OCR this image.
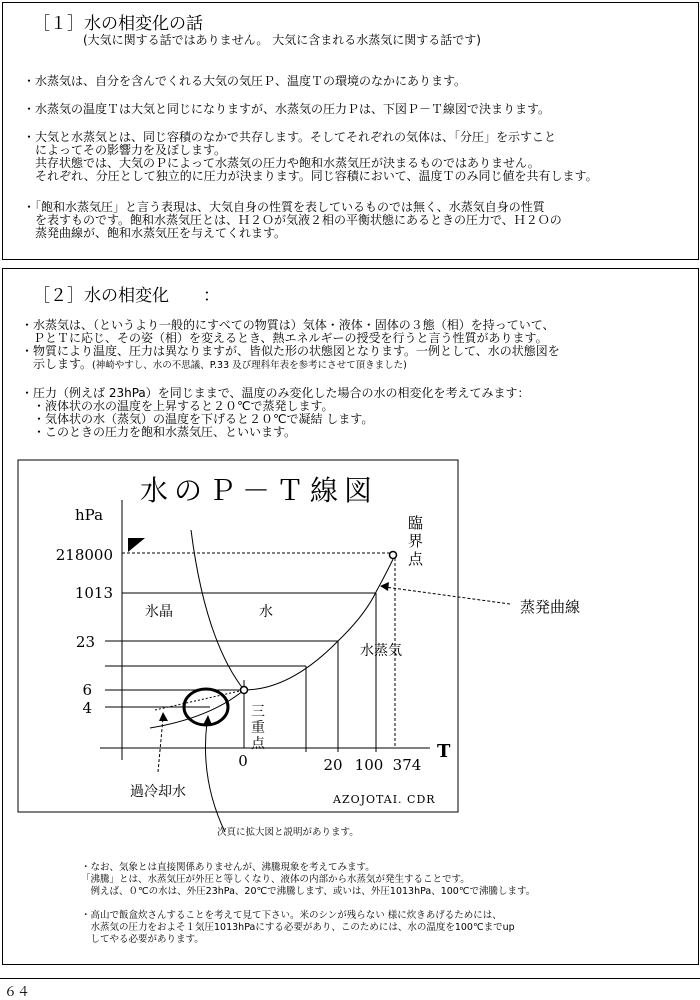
［１］水の相変化の話
(大気に関する話ではありません。 大気に含まれる水蒸気に関する話です)
・水蒸気は、自分を含んでくれる大気の気圧Ｐ、温度Ｔの環境のなかにあります。
・水蒸気の温度Ｔは大気と同じになりますが、水蒸気の圧力Ｐは、下図Ｐ－Ｔ線図で決まります。
・大気と水蒸気とは、同じ容積のなかで共存します。そしてそれぞれの気体は、「分圧」を示すこと
　によってその影響力を及ぼします。
　共存状態では、大気のＰによって水蒸気の圧力や飽和水蒸気圧が決まるものではありません。
　それぞれ、分圧として独立的に圧力が決まります。同じ容積において、温度Ｔのみ同じ値を共有します。
・「飽和水蒸気圧」と言う表現は、大気自身の性質を表しているものでは無く、水蒸気自身の性質
　を表すものです。飽和水蒸気圧とは、Ｈ２Ｏが気液２相の平衡状態にあるときの圧力で、Ｈ２Ｏの
　蒸発曲線が、飽和水蒸気圧を与えてくれます。
［２］水の相変化　　：
・水蒸気は、（というより一般的にすべての物質は）気体・液体・固体の３態（相）を持っていて、
　ＰとＴに応じ、その姿（相）を変えるとき、熱エネルギーの授受を行うと言う性質があります。
・物質により温度、圧力は異なりますが、皆似た形の状態図となります。一例として、水の状態図を
　示します。(神崎やすし、水の不思議、P.33 及び理科年表を参考にさせて頂きました)
・圧力（例えば 23hPa）を同じままで、温度のみ変化した場合の水の相変化を考えてみます：
　・液体状の水の温度を上昇すると２０℃で蒸発します。
　・気体状の水（蒸気）の温度を下げると２０℃で凝結 します。
　・このときの圧力を飽和水蒸気圧、といいます。
次頁に拡大図と説明があります。
・なお、気象とは直接関係ありませんが、沸騰現象を考えてみます。
「沸騰」とは、水蒸気圧が外圧と等しくなり、液体の内部から水蒸気が発生することです。
　例えば、０℃の水は、外圧23hPa、20℃で沸騰します、或いは、外圧1013hPa、100℃で沸騰します。
・高山で飯盒炊さんすることを考えて見て下さい。米のシンが残らない 様に炊きあげるためには、
　水蒸気の圧力をおよそ１気圧1013hPaにする必要があり、このためには、水の温度を100℃までup
　してやる必要があります。
水のＰ－Ｔ線図
hPa
T
218000
1013
23
6
4
0	20 100 374
氷晶	水
水蒸気
臨
界
点
三
重
点
過冷却水	AZOJOTAI. CDR
蒸発曲線
６４
